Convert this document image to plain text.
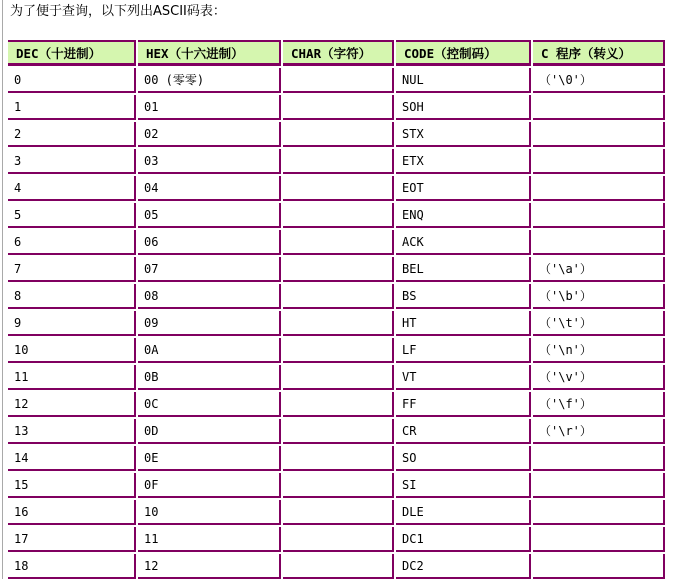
为了便于查询，以下列出ASCII码表：
DEC（十进制）	HEX（十六进制）	CHAR（字符）	CODE（控制码）	C 程序（转义）
0	00 (零零)		NUL	（'\0'）
1	01		SOH	
2	02		STX	
3	03		ETX	
4	04		EOT	
5	05		ENQ	
6	06		ACK	
7	07		BEL	（'\a'）
8	08		BS	（'\b'）
9	09		HT	（'\t'）
10	0A		LF	（'\n'）
11	0B		VT	（'\v'）
12	0C		FF	（'\f'）
13	0D		CR	（'\r'）
14	0E		SO	
15	0F		SI	
16	10		DLE	
17	11		DC1	
18	12		DC2	
